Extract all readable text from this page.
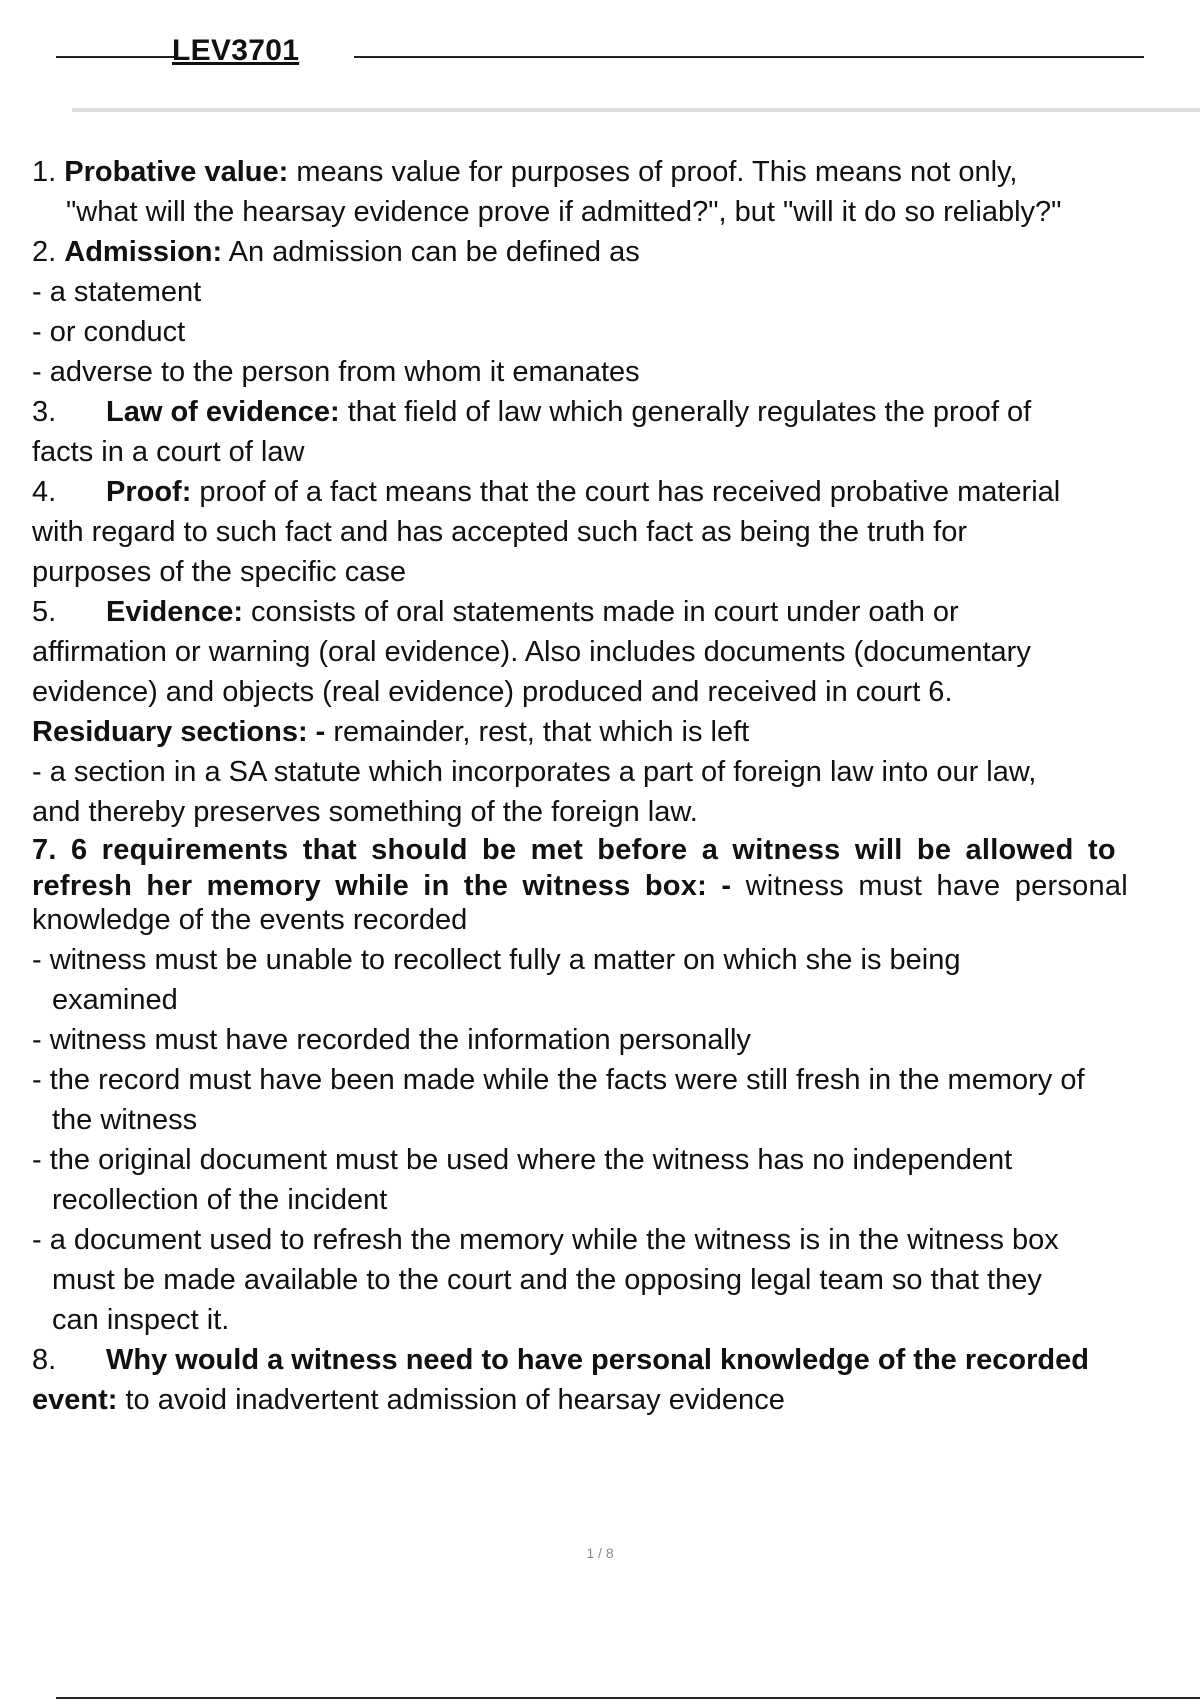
LEV3701

1. Probative value: means value for purposes of proof. This means not only,

"what will the hearsay evidence prove if admitted?", but "will it do so reliably?"

2. Admission: An admission can be defined as

- a statement

- or conduct

- adverse to the person from whom it emanates

3. Law of evidence: that field of law which generally regulates the proof of

facts in a court of law

4. Proof: proof of a fact means that the court has received probative material

with regard to such fact and has accepted such fact as being the truth for

purposes of the specific case

5. Evidence: consists of oral statements made in court under oath or

affirmation or warning (oral evidence). Also includes documents (documentary

evidence) and objects (real evidence) produced and received in court 6.

Residuary sections: - remainder, rest, that which is left

- a section in a SA statute which incorporates a part of foreign law into our law,

and thereby preserves something of the foreign law.

7. 6 requirements that should be met before a witness will be allowed to

refresh her memory while in the witness box: - witness must have personal

knowledge of the events recorded

- witness must be unable to recollect fully a matter on which she is being

examined

- witness must have recorded the information personally

- the record must have been made while the facts were still fresh in the memory of

the witness

- the original document must be used where the witness has no independent

recollection of the incident

- a document used to refresh the memory while the witness is in the witness box

must be made available to the court and the opposing legal team so that they

can inspect it.

8. Why would a witness need to have personal knowledge of the recorded

event: to avoid inadvertent admission of hearsay evidence

1 / 8
